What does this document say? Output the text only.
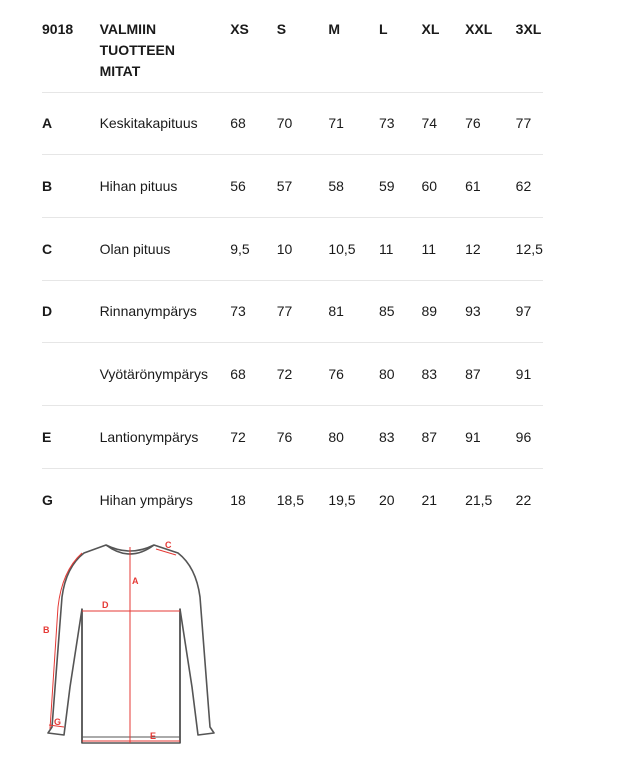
9018	VALMIIN
TUOTTEEN
MITAT	XS	S	M	L	XL	XXL	3XL
A	Keskitakapituus	68	70	71	73	74	76	77
B	Hihan pituus	56	57	58	59	60	61	62
C	Olan pituus	9,5	10	10,5	11	11	12	12,5
D	Rinnanympärys	73	77	81	85	89	93	97
	Vyötärönympärys	68	72	76	80	83	87	91
E	Lantionympärys	72	76	80	83	87	91	96
G	Hihan ympärys	18	18,5	19,5	20	21	21,5	22
A
B
C
D
E
G
